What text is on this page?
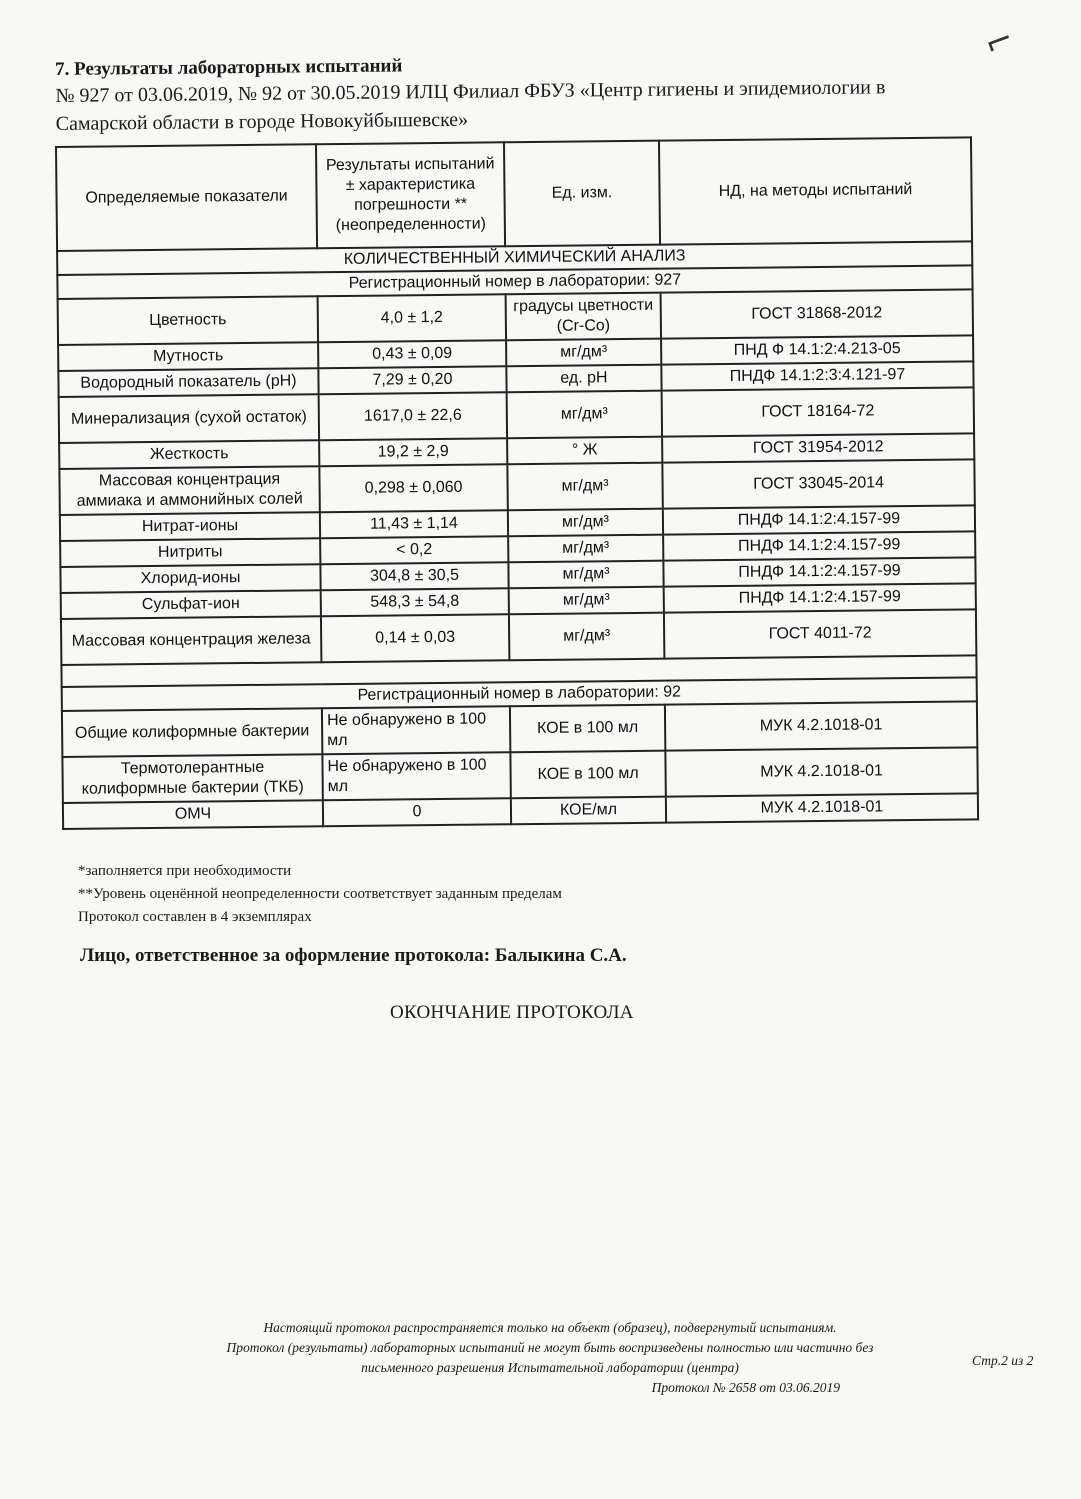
⌐

7. Результаты лабораторных испытаний

№ 927 от 03.06.2019, № 92 от 30.05.2019 ИЛЦ Филиал ФБУЗ «Центр гигиены и эпидемиологии в

Самарской области в городе Новокуйбышевске»

Определяемые показатели	Результаты испытаний ± характеристика погрешности **(неопределенности)	Ед. изм.	НД, на методы испытаний
КОЛИЧЕСТВЕННЫЙ ХИМИЧЕСКИЙ АНАЛИЗ			
Регистрационный номер в лаборатории: 927			
Цветность	4,0 ± 1,2	градусы цветности (Cr-Co)	ГОСТ 31868-2012
Мутность	0,43 ± 0,09	мг/дм³	ПНД Ф 14.1:2:4.213-05
Водородный показатель (рН)	7,29 ± 0,20	ед. рН	ПНДФ 14.1:2:3:4.121-97
Минерализация (сухой остаток)	1617,0 ± 22,6	мг/дм³	ГОСТ 18164-72
Жесткость	19,2 ± 2,9	° Ж	ГОСТ 31954-2012
Массовая концентрация аммиака и аммонийных солей	0,298 ± 0,060	мг/дм³	ГОСТ 33045-2014
Нитрат-ионы	11,43 ± 1,14	мг/дм³	ПНДФ 14.1:2:4.157-99
Нитриты	< 0,2	мг/дм³	ПНДФ 14.1:2:4.157-99
Хлорид-ионы	304,8 ± 30,5	мг/дм³	ПНДФ 14.1:2:4.157-99
Сульфат-ион	548,3 ± 54,8	мг/дм³	ПНДФ 14.1:2:4.157-99
Массовая концентрация железа	0,14 ± 0,03	мг/дм³	ГОСТ 4011-72

Регистрационный номер в лаборатории: 92			
Общие колиформные бактерии	Не обнаружено в 100 мл	КОЕ в 100 мл	МУК 4.2.1018-01
Термотолерантные колиформные бактерии (ТКБ)	Не обнаружено в 100 мл	КОЕ в 100 мл	МУК 4.2.1018-01
ОМЧ	0	КОЕ/мл	МУК 4.2.1018-01

*заполняется при необходимости

**Уровень оценённой неопределенности соответствует заданным пределам

Протокол составлен в 4 экземплярах

Лицо, ответственное за оформление протокола: Балыкина С.А.
ОКОНЧАНИЕ ПРОТОКОЛА

Настоящий протокол распространяется только на объект (образец), подвергнутый испытаниям.

Протокол (результаты) лабораторных испытаний не могут быть воспризведены полностью или частично без

письменного разрешения Испытательной лаборатории (центра)

Протокол № 2658 от 03.06.2019

Стр.2 из 2
